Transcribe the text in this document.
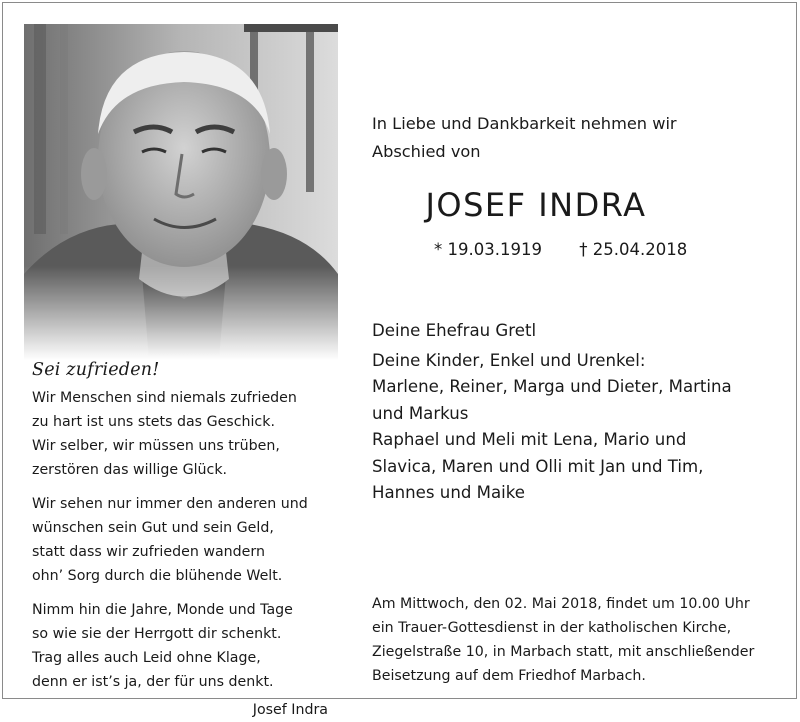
Sei zufrieden!
Wir Menschen sind niemals zufrieden
zu hart ist uns stets das Geschick.
Wir selber, wir müssen uns trüben,
zerstören das willige Glück.
Wir sehen nur immer den anderen und
wünschen sein Gut und sein Geld,
statt dass wir zufrieden wandern
ohn’ Sorg durch die blühende Welt.
Nimm hin die Jahre, Monde und Tage
so wie sie der Herrgott dir schenkt.
Trag alles auch Leid ohne Klage,
denn er ist’s ja, der für uns denkt.
Josef Indra
In Liebe und Dankbarkeit nehmen wir
Abschied von
JOSEF INDRA
* 19.03.1919 † 25.04.2018
Deine Ehefrau Gretl
Deine Kinder, Enkel und Urenkel:
Marlene, Reiner, Marga und Dieter, Martina
und Markus
Raphael und Meli mit Lena, Mario und
Slavica, Maren und Olli mit Jan und Tim,
Hannes und Maike
Am Mittwoch, den 02. Mai 2018, findet um 10.00 Uhr
ein Trauer-Gottesdienst in der katholischen Kirche,
Ziegelstraße 10, in Marbach statt, mit anschließender
Beisetzung auf dem Friedhof Marbach.
